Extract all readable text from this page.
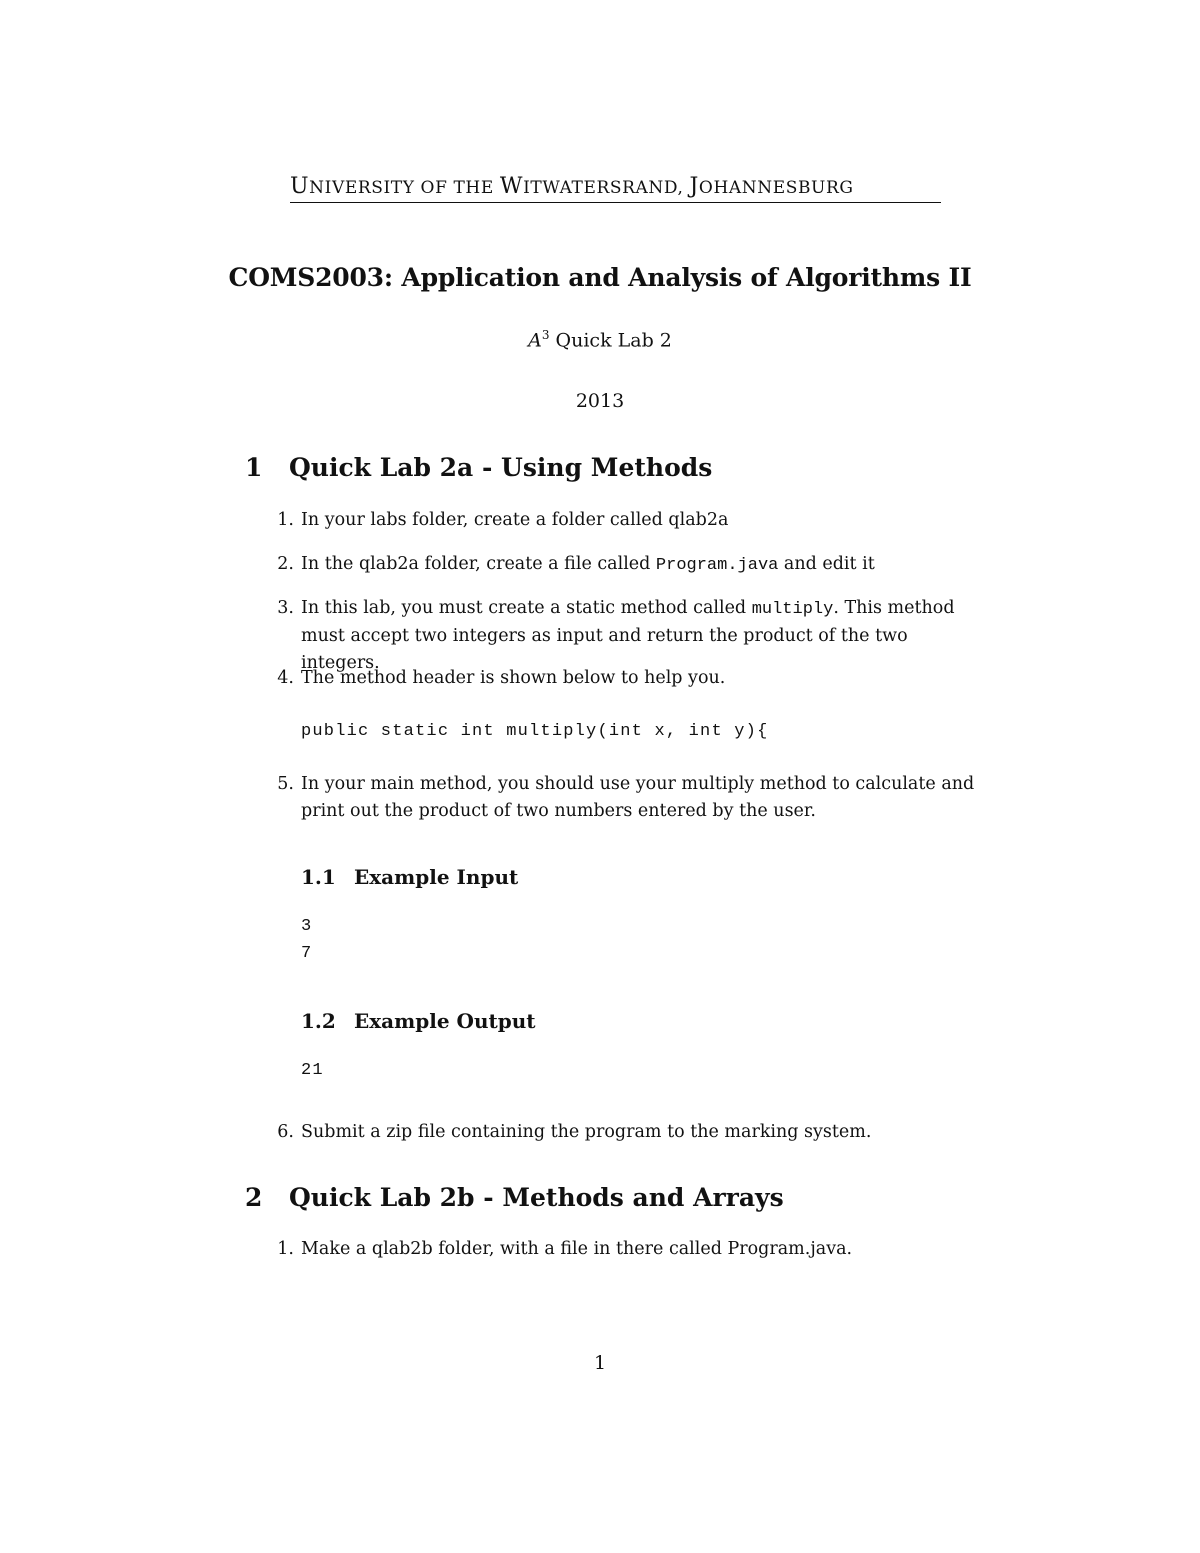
UNIVERSITY OF THE WITWATERSRAND, JOHANNESBURG
COMS2003: Application and Analysis of Algorithms II
$A^3$ Quick Lab 2
2013
1 Quick Lab 2a - Using Methods
1. In your labs folder, create a folder called qlab2a
2. In the qlab2a folder, create a file called Program.java and edit it
3. In this lab, you must create a static method called multiply. This method must accept two integers as input and return the product of the two integers.
4. The method header is shown below to help you.
public static int multiply(int x, int y){
5. In your main method, you should use your multiply method to calculate and print out the product of two numbers entered by the user.
1.1 Example Input
3
7
1.2 Example Output
21
6. Submit a zip file containing the program to the marking system.
2 Quick Lab 2b - Methods and Arrays
1. Make a qlab2b folder, with a file in there called Program.java.
1
